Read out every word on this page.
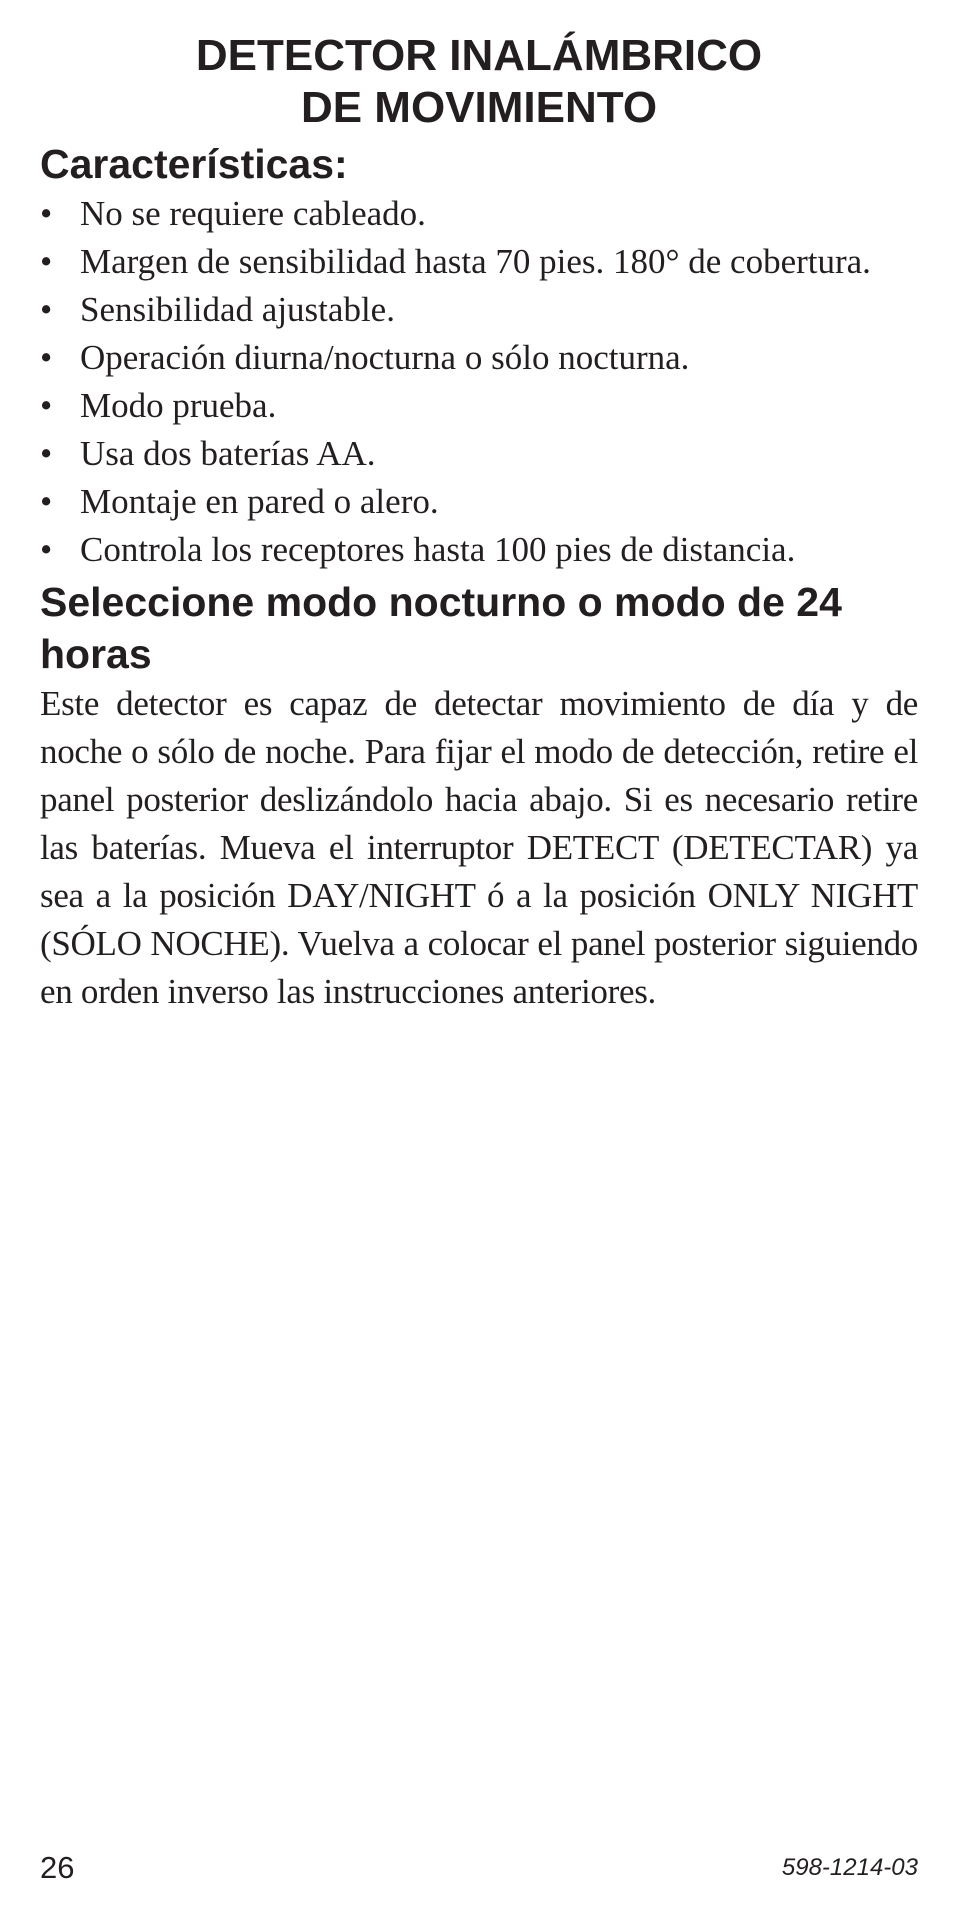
DETECTOR INALÁMBRICO
DE MOVIMIENTO
Características:
• No se requiere cableado.
• Margen de sensibilidad hasta 70 pies. 180° de cobertura.
• Sensibilidad ajustable.
• Operación diurna/nocturna o sólo nocturna.
• Modo prueba.
• Usa dos baterías AA.
• Montaje en pared o alero.
• Controla los receptores hasta 100 pies de distancia.
Seleccione modo nocturno o modo de 24 horas

Este detector es capaz de detectar movimiento de día y de noche o sólo de noche. Para fijar el modo de detección, retire el panel posterior deslizándolo hacia abajo. Si es necesario retire las baterías. Mueva el interruptor DETECT (DETECTAR) ya sea a la posición DAY/NIGHT ó a la posición ONLY NIGHT (SÓLO NOCHE). Vuelva a colocar el panel posterior siguiendo en orden inverso las instrucciones anteriores.

26	598-1214-03
